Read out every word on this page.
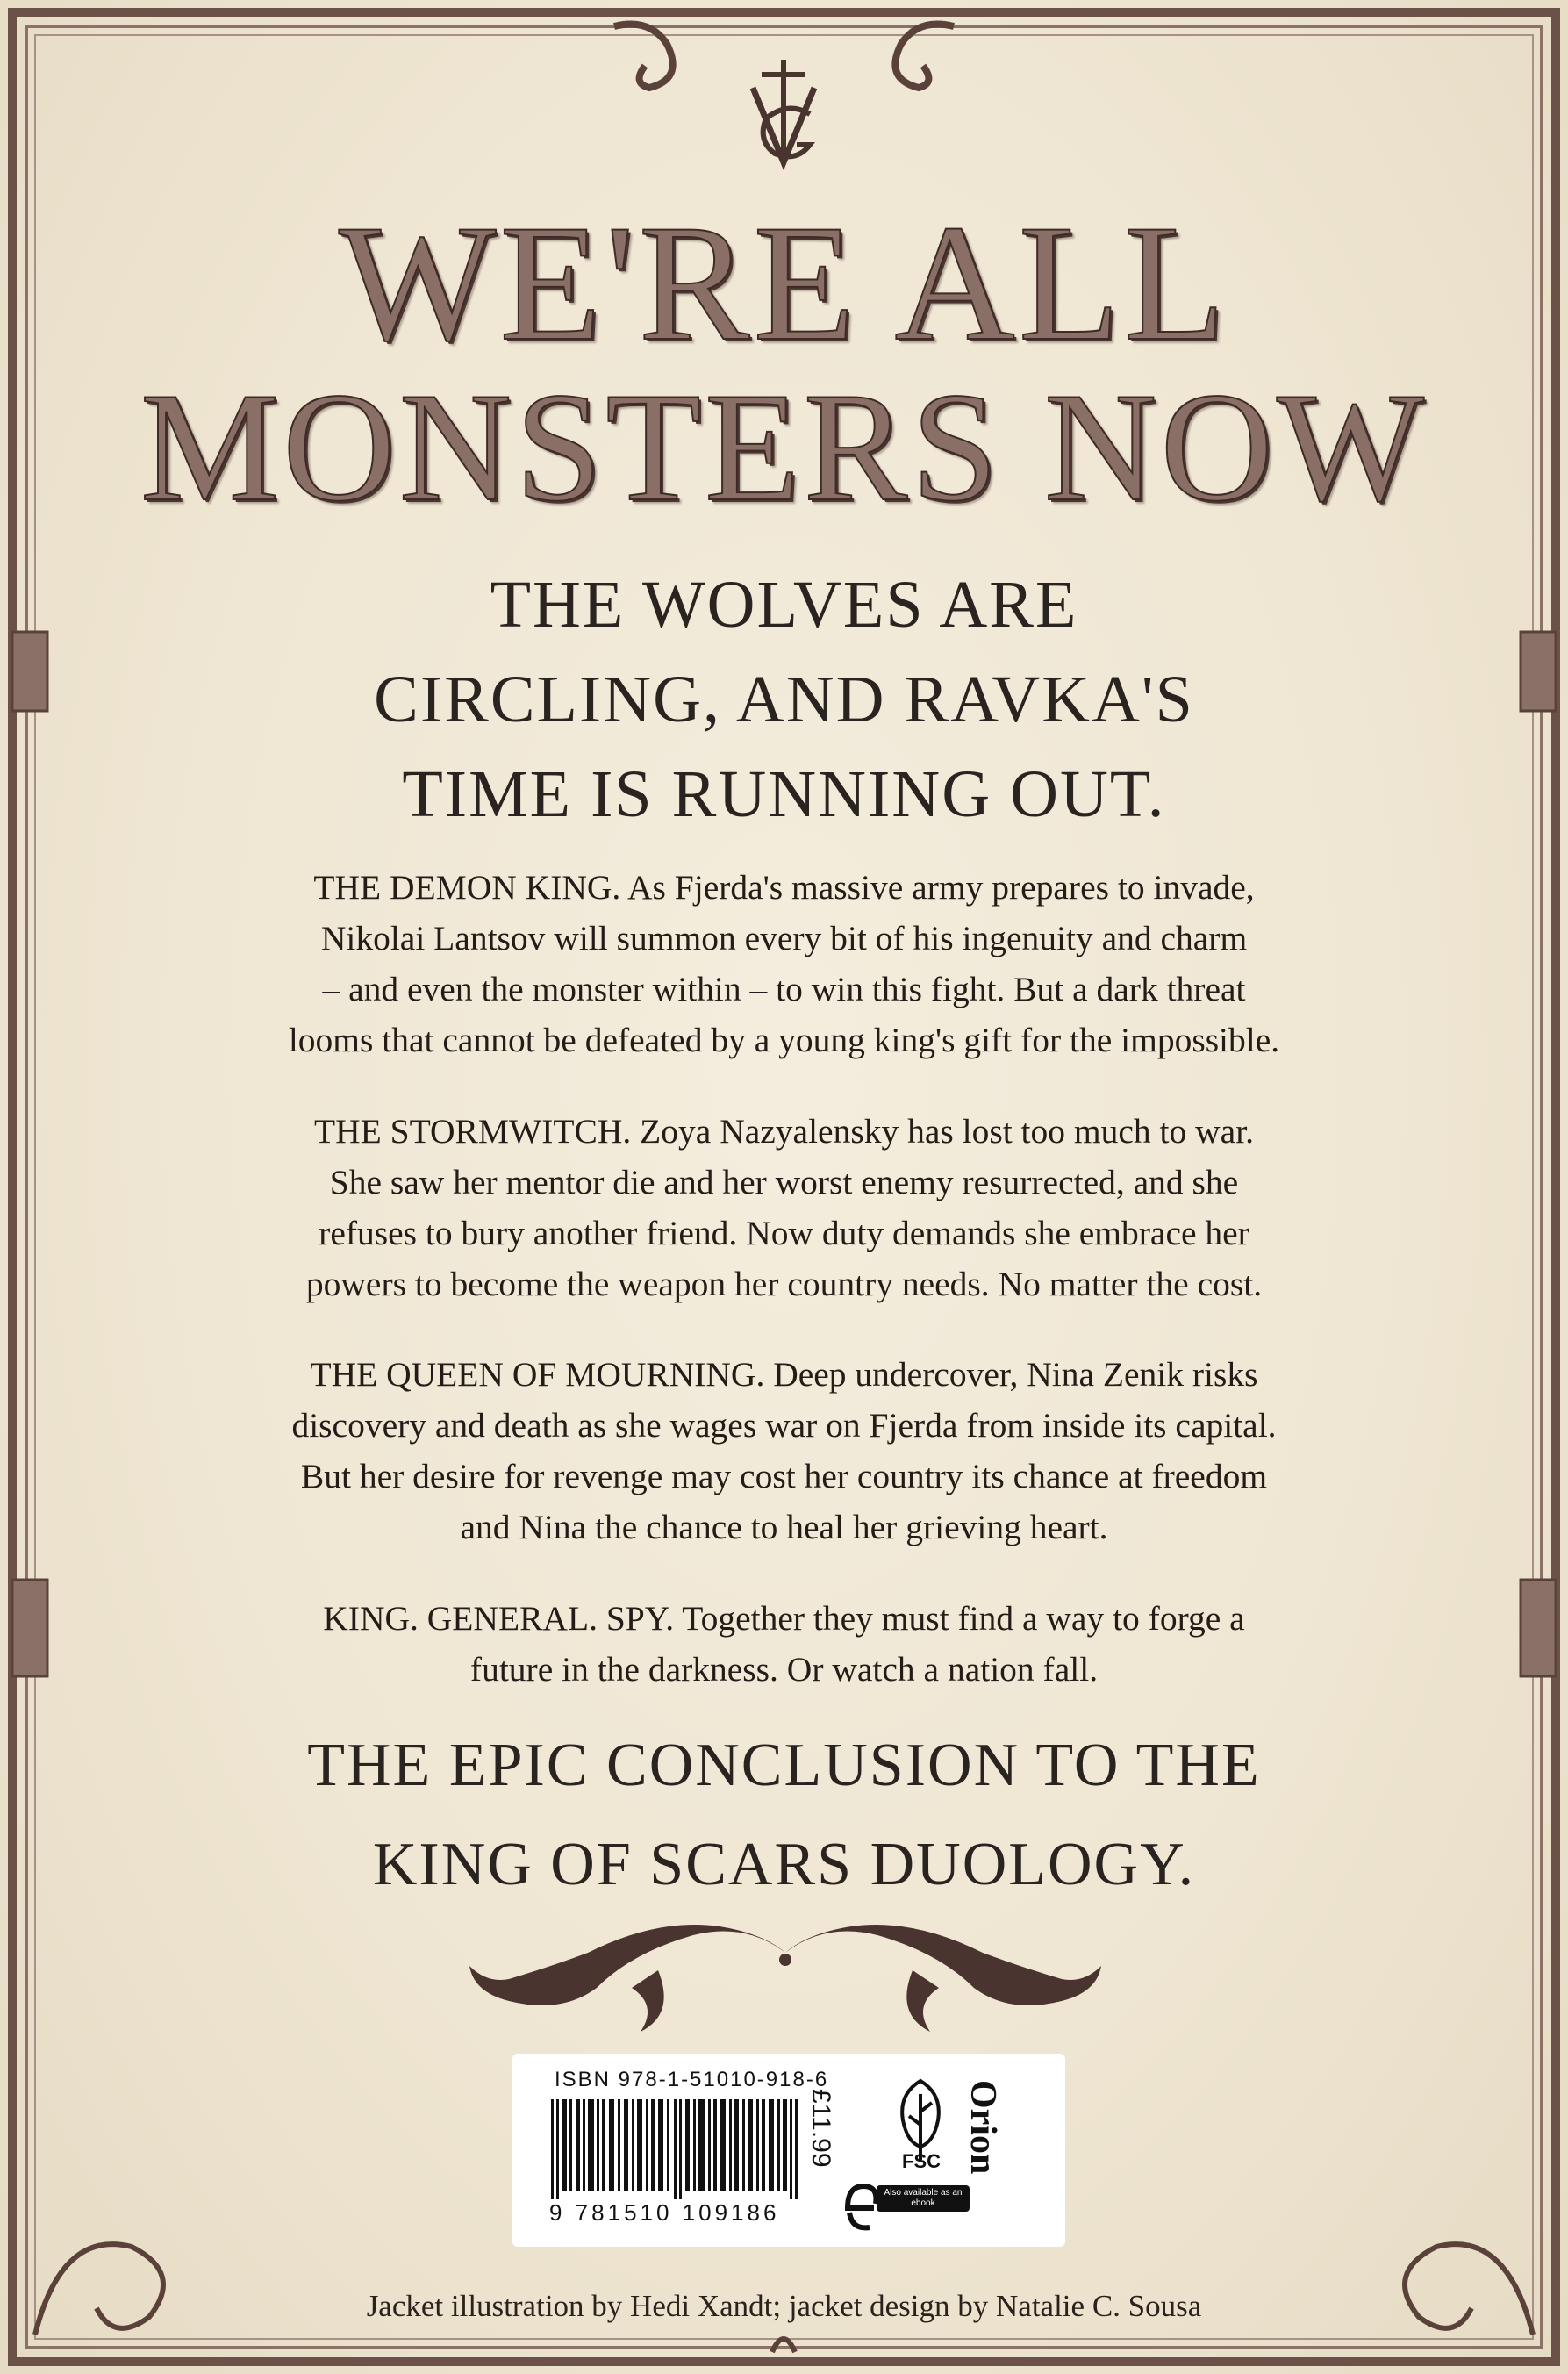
WE'RE ALL
MONSTERS NOW
THE WOLVES ARE
CIRCLING, AND RAVKA'S
TIME IS RUNNING OUT.
THE DEMON KING. As Fjerda's massive army prepares to invade,
Nikolai Lantsov will summon every bit of his ingenuity and charm
– and even the monster within – to win this fight. But a dark threat
looms that cannot be defeated by a young king's gift for the impossible.
THE STORMWITCH. Zoya Nazyalensky has lost too much to war.
She saw her mentor die and her worst enemy resurrected, and she
refuses to bury another friend. Now duty demands she embrace her
powers to become the weapon her country needs. No matter the cost.
THE QUEEN OF MOURNING. Deep undercover, Nina Zenik risks
discovery and death as she wages war on Fjerda from inside its capital.
But her desire for revenge may cost her country its chance at freedom
and Nina the chance to heal her grieving heart.
KING. GENERAL. SPY. Together they must find a way to forge a
future in the darkness. Or watch a nation fall.
THE EPIC CONCLUSION TO THE
KING OF SCARS DUOLOGY.
ISBN 978-1-51010-918-6
9 781510 109186
£11.99	FSC
Also available as an ebook
Orion
Jacket illustration by Hedi Xandt; jacket design by Natalie C. Sousa
